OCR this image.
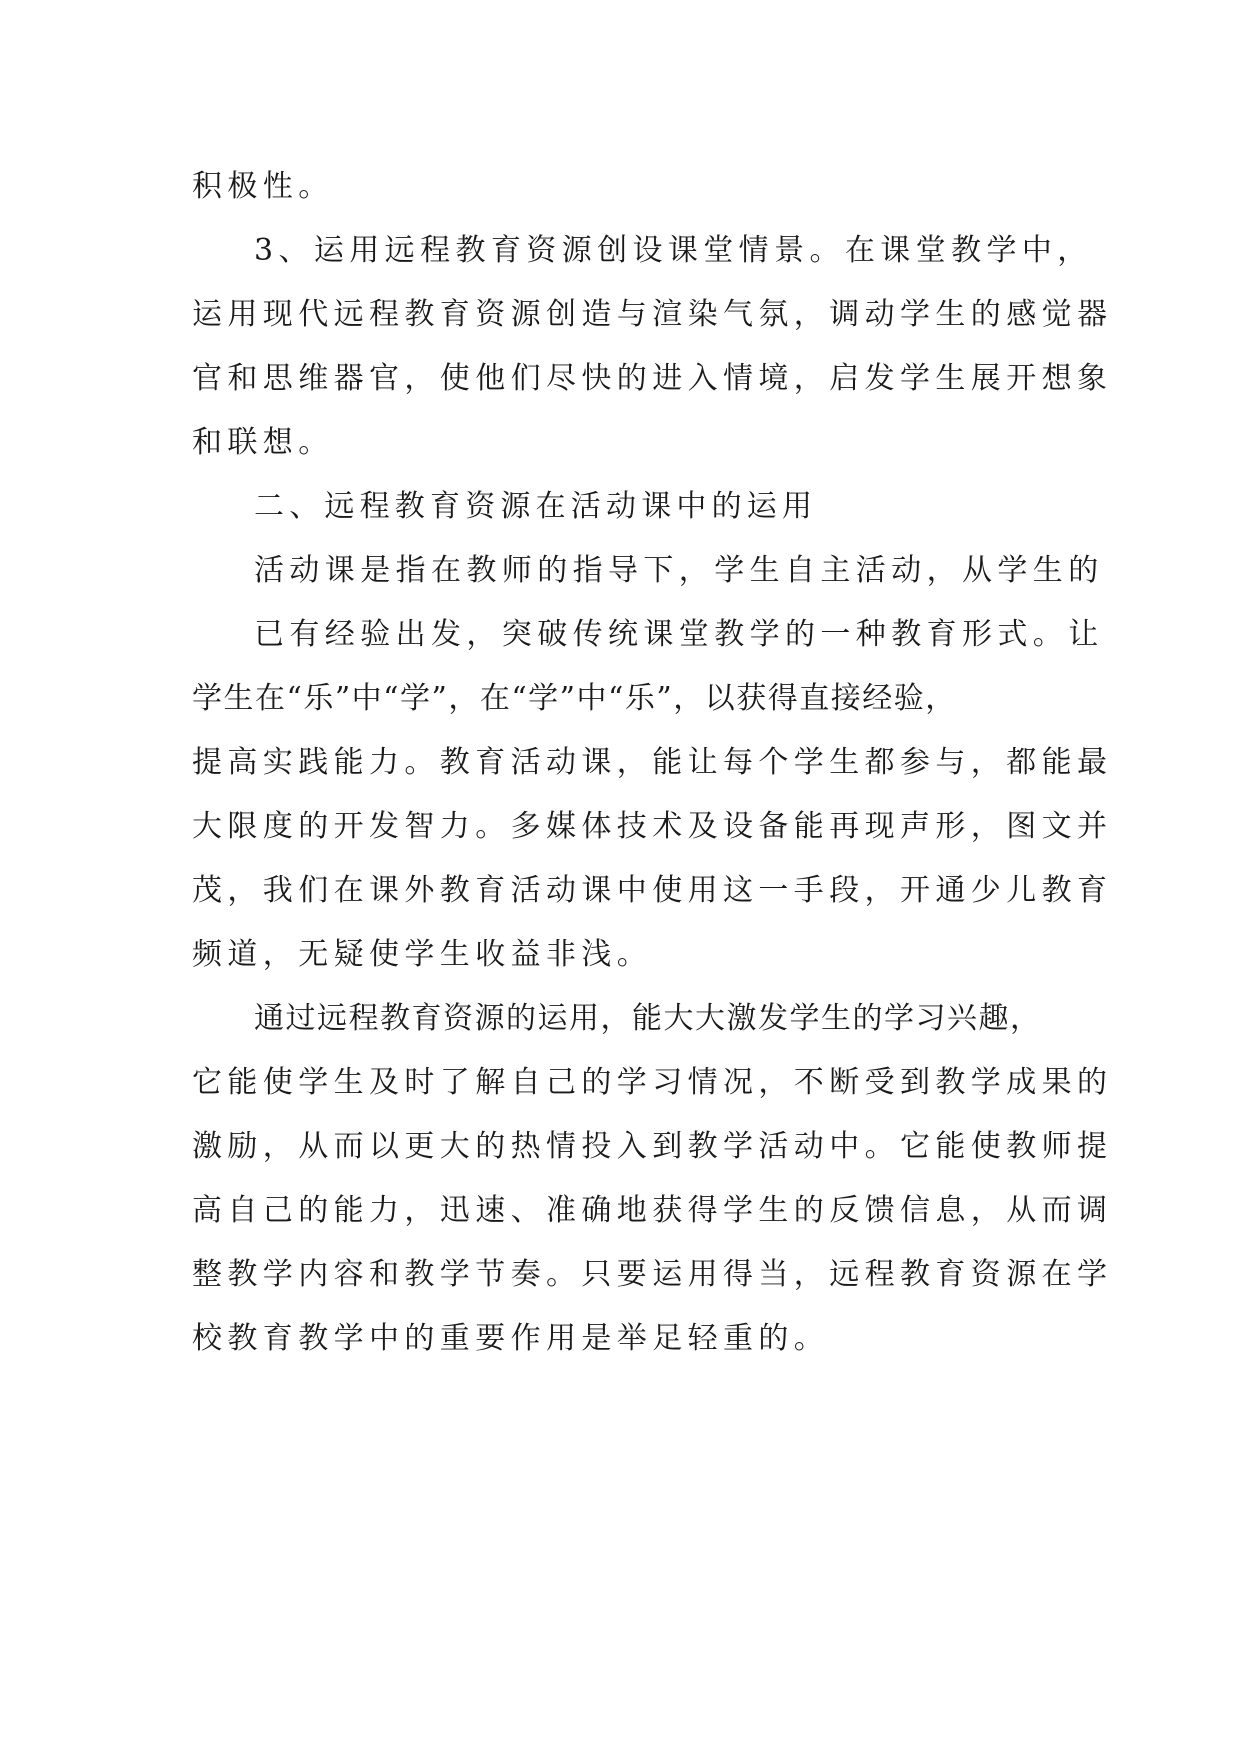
积极性。
3、运用远程教育资源创设课堂情景。在课堂教学中，
运用现代远程教育资源创造与渲染气氛，调动学生的感觉器
官和思维器官，使他们尽快的进入情境，启发学生展开想象
和联想。
二、远程教育资源在活动课中的运用
活动课是指在教师的指导下，学生自主活动，从学生的
已有经验出发，突破传统课堂教学的一种教育形式。让
学生在“乐”中“学”，在“学”中“乐”，以获得直接经验，
提高实践能力。教育活动课，能让每个学生都参与，都能最
大限度的开发智力。多媒体技术及设备能再现声形，图文并
茂，我们在课外教育活动课中使用这一手段，开通少儿教育
频道，无疑使学生收益非浅。
通过远程教育资源的运用，能大大激发学生的学习兴趣，
它能使学生及时了解自己的学习情况，不断受到教学成果的
激励，从而以更大的热情投入到教学活动中。它能使教师提
高自己的能力，迅速、准确地获得学生的反馈信息，从而调
整教学内容和教学节奏。只要运用得当，远程教育资源在学
校教育教学中的重要作用是举足轻重的。
